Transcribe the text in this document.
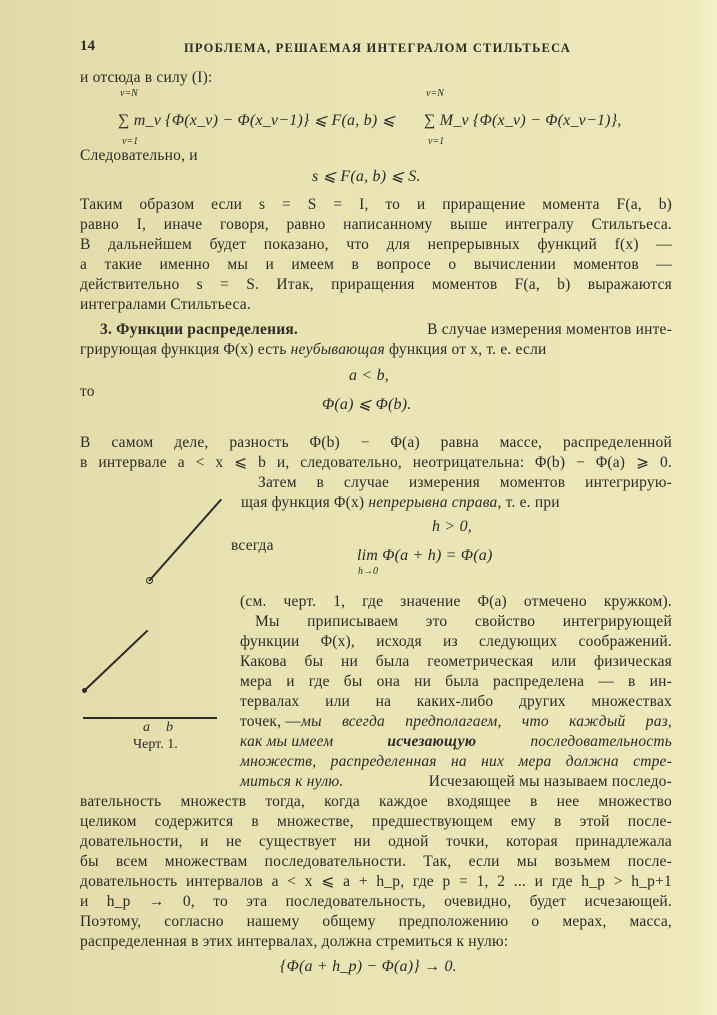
14	ПРОБЛЕМА, РЕШАЕМАЯ ИНТЕГРАЛОМ СТИЛЬТЬЕСА
и отсюда в силу (I):
ν=N
ν=1
∑ m_ν {Φ(x_ν) − Φ(x_ν−1)} ⩽ F(a, b) ⩽
ν=N
ν=1
∑ M_ν {Φ(x_ν) − Φ(x_ν−1)},
Следовательно, и
s ⩽ F(a, b) ⩽ S.
Таким образом если s = S = I, то и приращение момента F(a, b)
равно I, иначе говоря, равно написанному выше интегралу Стильтьеса.
В дальнейшем будет показано, что для непрерывных функций f(x) —
а такие именно мы и имеем в вопросе о вычислении моментов —
действительно s = S. Итак, приращения моментов F(a, b) выражаются
интегралами Стильтьеса.
3. Функции распределения.	В случае измерения моментов инте-
грирующая функция Φ(x) есть неубывающая функция от x, т. е. если
a < b,
то
Φ(a) ⩽ Φ(b).
В самом деле, разность Φ(b) − Φ(a) равна массе, распределенной
в интервале a < x ⩽ b и, следовательно, неотрицательна: Φ(b) − Φ(a) ⩾ 0.
Затем в случае измерения моментов интегрирую-
щая функция Φ(x) непрерывна справа, т. е. при
h > 0,
всегда
lim Φ(a + h) = Φ(a)
h→0
(см. черт. 1, где значение Φ(a) отмечено кружком).
Мы приписываем это свойство интегрирующей
функции Φ(x), исходя из следующих соображений.
Какова бы ни была геометрическая или физическая
мера и где бы она ни была распределена — в ин-
тервалах или на каких-либо других множествах
точек, — мы всегда предполагаем, что каждый раз,
как мы имеем	исчезающую	последовательность
множеств, распределенная на них мера должна стре-
миться к нулю.	Исчезающей мы называем последо-
вательность множеств тогда, когда каждое входящее в нее множество
целиком содержится в множестве, предшествующем ему в этой после-
довательности, и не существует ни одной точки, которая принадлежала
бы всем множествам последовательности. Так, если мы возьмем после-
довательность интервалов a < x ⩽ a + h_p, где p = 1, 2 ... и где h_p > h_p+1
и h_p → 0, то эта последовательность, очевидно, будет исчезающей.
Поэтому, согласно нашему общему предположению о мерах, масса,
распределенная в этих интервалах, должна стремиться к нулю:
{Φ(a + h_p) − Φ(a)} → 0.
a b
Черт. 1.
